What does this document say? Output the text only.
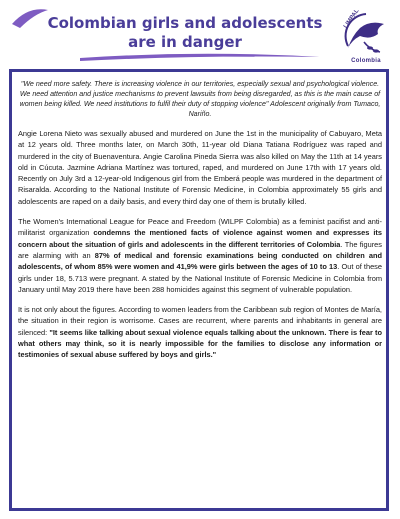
Colombian girls and adolescents are in danger
LIMPAL
Colombia

"We need more safety. There is increasing violence in our territories, especially sexual and psychological violence. We need attention and justice mechanisms to prevent lawsuits from being disregarded, as this is the main cause of women being killed. We need institutions to fulfil their duty of stopping violence" Adolescent originally from Tumaco, Nariño.

Angie Lorena Nieto was sexually abused and murdered on June the 1st in the municipality of Cabuyaro, Meta at 12 years old. Three months later, on March 30th, 11-year old Diana Tatiana Rodríguez was raped and murdered in the city of Buenaventura. Angie Carolina Pineda Sierra was also killed on May the 11th at 14 years old in Cúcuta. Jazmine Adriana Martínez was tortured, raped, and murdered on June 17th with 17 years old. Recently on July 3rd a 12-year-old Indigenous girl from the Emberá people was murdered in the department of Risaralda. According to the National Institute of Forensic Medicine, in Colombia approximately 55 girls and adolescents are raped on a daily basis, and every third day one of them is brutally killed.

The Women's International League for Peace and Freedom (WILPF Colombia) as a feminist pacifist and anti-militarist organization condemns the mentioned facts of violence against women and expresses its concern about the situation of girls and adolescents in the different territories of Colombia. The figures are alarming with an 87% of medical and forensic examinations being conducted on children and adolescents, of whom 85% were women and 41,9% were girls between the ages of 10 to 13. Out of these girls under 18, 5.713 were pregnant. A stated by the National Institute of Forensic Medicine in Colombia from January until May 2019 there have been 288 homicides against this segment of vulnerable population.

It is not only about the figures. According to women leaders from the Caribbean sub region of Montes de María, the situation in their region is worrisome. Cases are recurrent, where parents and inhabitants in general are silenced: "It seems like talking about sexual violence equals talking about the unknown. There is fear to what others may think, so it is nearly impossible for the families to disclose any information or testimonies of sexual abuse suffered by boys and girls."
